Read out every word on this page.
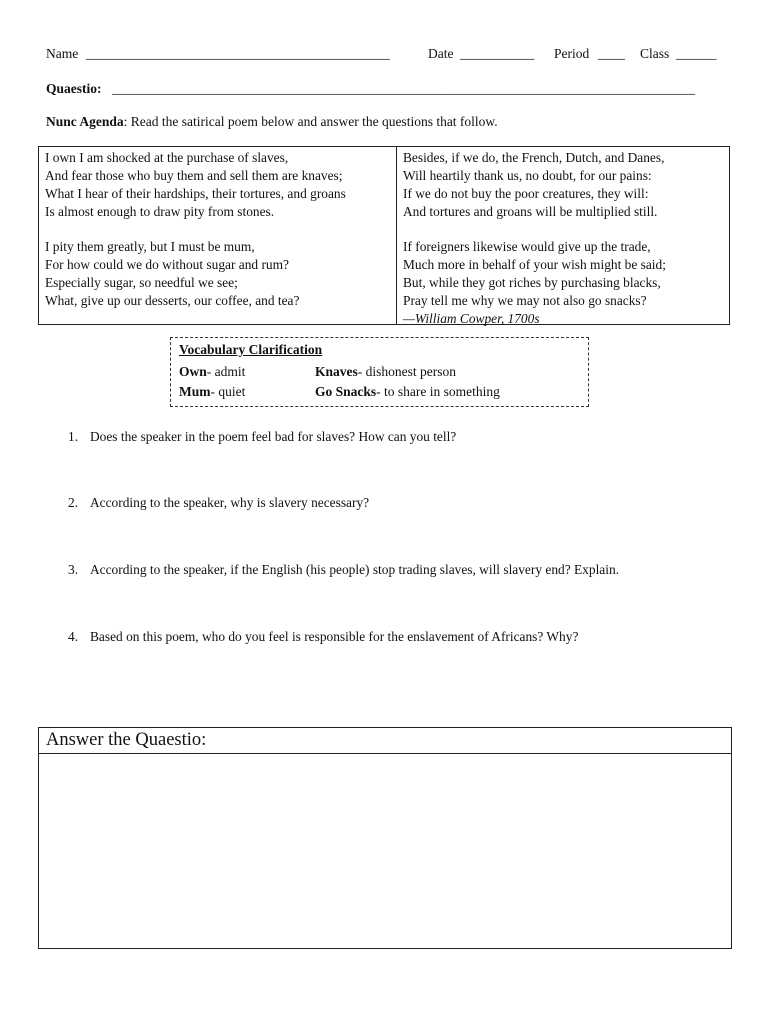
Name _____________________________________________	Date ___________ Period ____ Class ______
Quaestio: _______________________________________________________________________________________
Nunc Agenda: Read the satirical poem below and answer the questions that follow.
I own I am shocked at the purchase of slaves,
And fear those who buy them and sell them are knaves;
What I hear of their hardships, their tortures, and groans
Is almost enough to draw pity from stones.
I pity them greatly, but I must be mum,
For how could we do without sugar and rum?
Especially sugar, so needful we see;
What, give up our desserts, our coffee, and tea?
Besides, if we do, the French, Dutch, and Danes,
Will heartily thank us, no doubt, for our pains:
If we do not buy the poor creatures, they will:
And tortures and groans will be multiplied still.
If foreigners likewise would give up the trade,
Much more in behalf of your wish might be said;
But, while they got riches by purchasing blacks,
Pray tell me why we may not also go snacks?
—William Cowper, 1700s
Vocabulary Clarification
Own- admit	Knaves- dishonest person
Mum- quiet	Go Snacks- to share in something
1. Does the speaker in the poem feel bad for slaves? How can you tell?
2. According to the speaker, why is slavery necessary?
3. According to the speaker, if the English (his people) stop trading slaves, will slavery end? Explain.
4. Based on this poem, who do you feel is responsible for the enslavement of Africans? Why?
Answer the Quaestio:
